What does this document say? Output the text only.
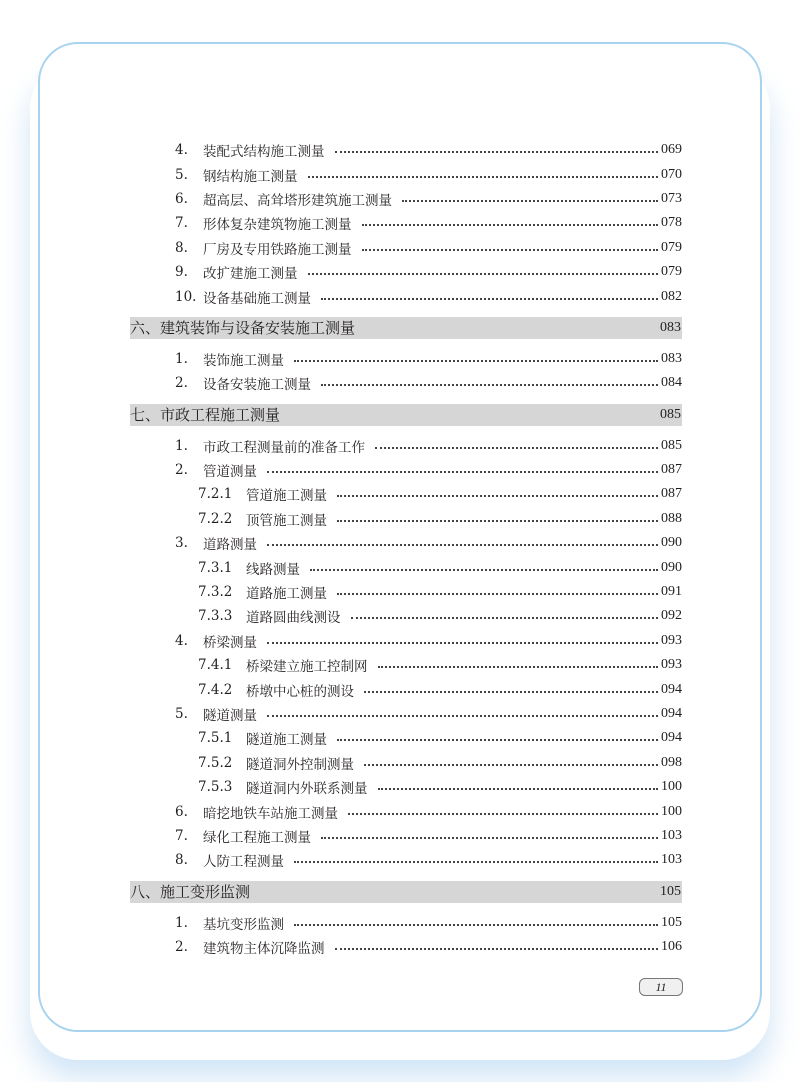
4.	装配式结构施工测量	069
5.	钢结构施工测量	070
6.	超高层、高耸塔形建筑施工测量	073
7.	形体复杂建筑物施工测量	078
8.	厂房及专用铁路施工测量	079
9.	改扩建施工测量	079
10. 设备基础施工测量	082
六、建筑装饰与设备安装施工测量	083
1.	装饰施工测量	083
2.	设备安装施工测量	084
七、市政工程施工测量	085
1.	市政工程测量前的准备工作	085
2.	管道测量	087
7.2.1	管道施工测量	087
7.2.2	顶管施工测量	088
3.	道路测量	090
7.3.1	线路测量	090
7.3.2	道路施工测量	091
7.3.3	道路圆曲线测设	092
4.	桥梁测量	093
7.4.1	桥梁建立施工控制网	093
7.4.2	桥墩中心桩的测设	094
5.	隧道测量	094
7.5.1	隧道施工测量	094
7.5.2	隧道洞外控制测量	098
7.5.3	隧道洞内外联系测量	100
6.	暗挖地铁车站施工测量	100
7.	绿化工程施工测量	103
8.	人防工程测量	103
八、施工变形监测	105
1.	基坑变形监测	105
2.	建筑物主体沉降监测	106
11
